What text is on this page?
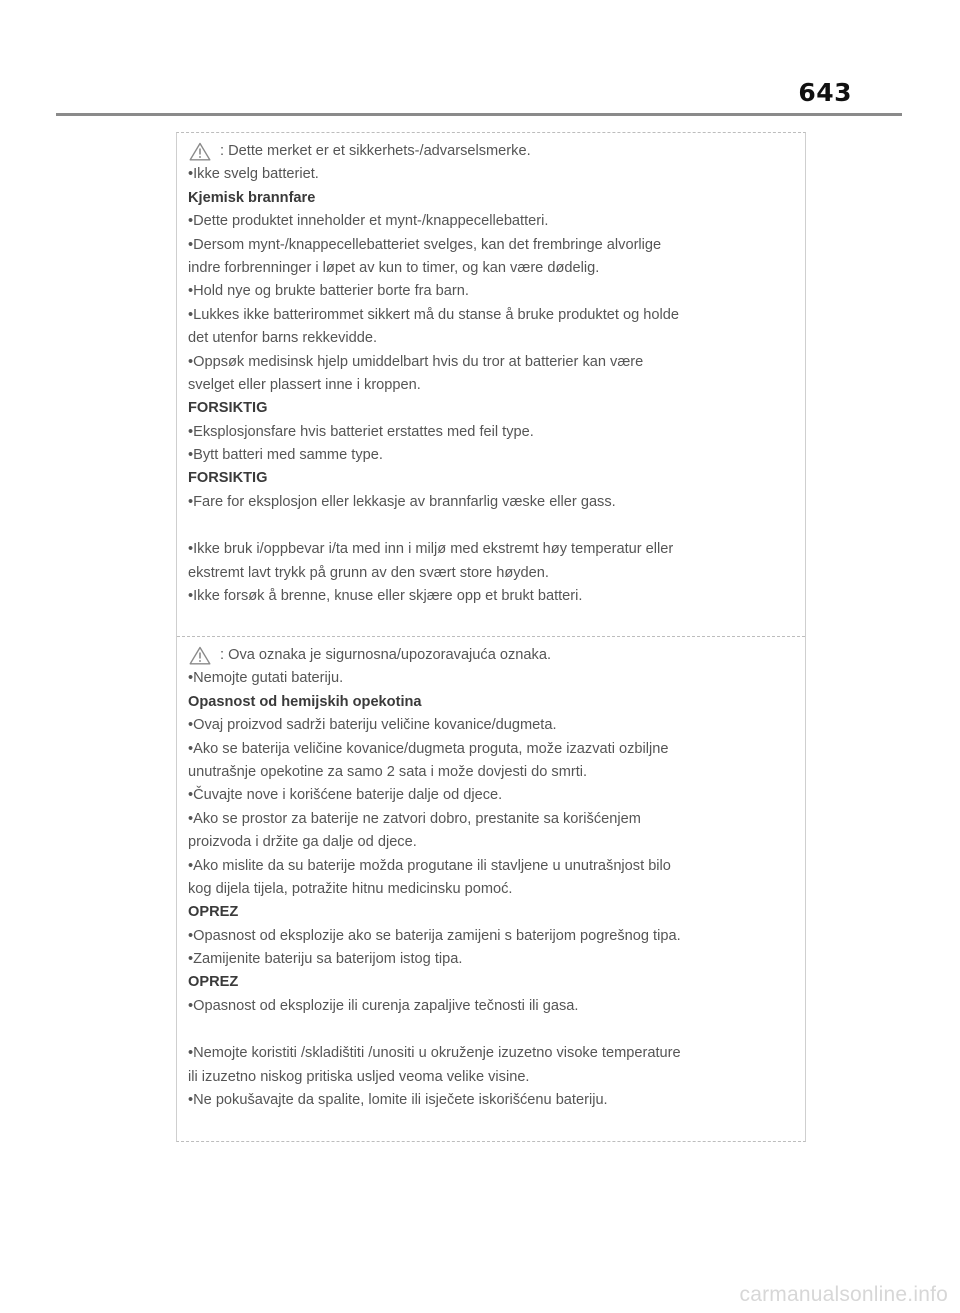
643
: Dette merket er et sikkerhets-/advarselsmerke.
•Ikke svelg batteriet.
Kjemisk brannfare
•Dette produktet inneholder et mynt-/knappecellebatteri.
•Dersom mynt-/knappecellebatteriet svelges, kan det frembringe alvorlige
indre forbrenninger i løpet av kun to timer, og kan være dødelig.
•Hold nye og brukte batterier borte fra barn.
•Lukkes ikke batterirommet sikkert må du stanse å bruke produktet og holde
det utenfor barns rekkevidde.
•Oppsøk medisinsk hjelp umiddelbart hvis du tror at batterier kan være
svelget eller plassert inne i kroppen.
FORSIKTIG
•Eksplosjonsfare hvis batteriet erstattes med feil type.
•Bytt batteri med samme type.
FORSIKTIG
•Fare for eksplosjon eller lekkasje av brannfarlig væske eller gass.
•Ikke bruk i/oppbevar i/ta med inn i miljø med ekstremt høy temperatur eller
ekstremt lavt trykk på grunn av den svært store høyden.
•Ikke forsøk å brenne, knuse eller skjære opp et brukt batteri.
: Ova oznaka je sigurnosna/upozoravajuća oznaka.
•Nemojte gutati bateriju.
Opasnost od hemijskih opekotina
•Ovaj proizvod sadrži bateriju veličine kovanice/dugmeta.
•Ako se baterija veličine kovanice/dugmeta proguta, može izazvati ozbiljne
unutrašnje opekotine za samo 2 sata i može dovjesti do smrti.
•Čuvajte nove i korišćene baterije dalje od djece.
•Ako se prostor za baterije ne zatvori dobro, prestanite sa korišćenjem
proizvoda i držite ga dalje od djece.
•Ako mislite da su baterije možda progutane ili stavljene u unutrašnjost bilo
kog dijela tijela, potražite hitnu medicinsku pomoć.
OPREZ
•Opasnost od eksplozije ako se baterija zamijeni s baterijom pogrešnog tipa.
•Zamijenite bateriju sa baterijom istog tipa.
OPREZ
•Opasnost od eksplozije ili curenja zapaljive tečnosti ili gasa.
•Nemojte koristiti /skladištiti /unositi u okruženje izuzetno visoke temperature
ili izuzetno niskog pritiska usljed veoma velike visine.
•Ne pokušavajte da spalite, lomite ili isječete iskorišćenu bateriju.
carmanualsonline.info
